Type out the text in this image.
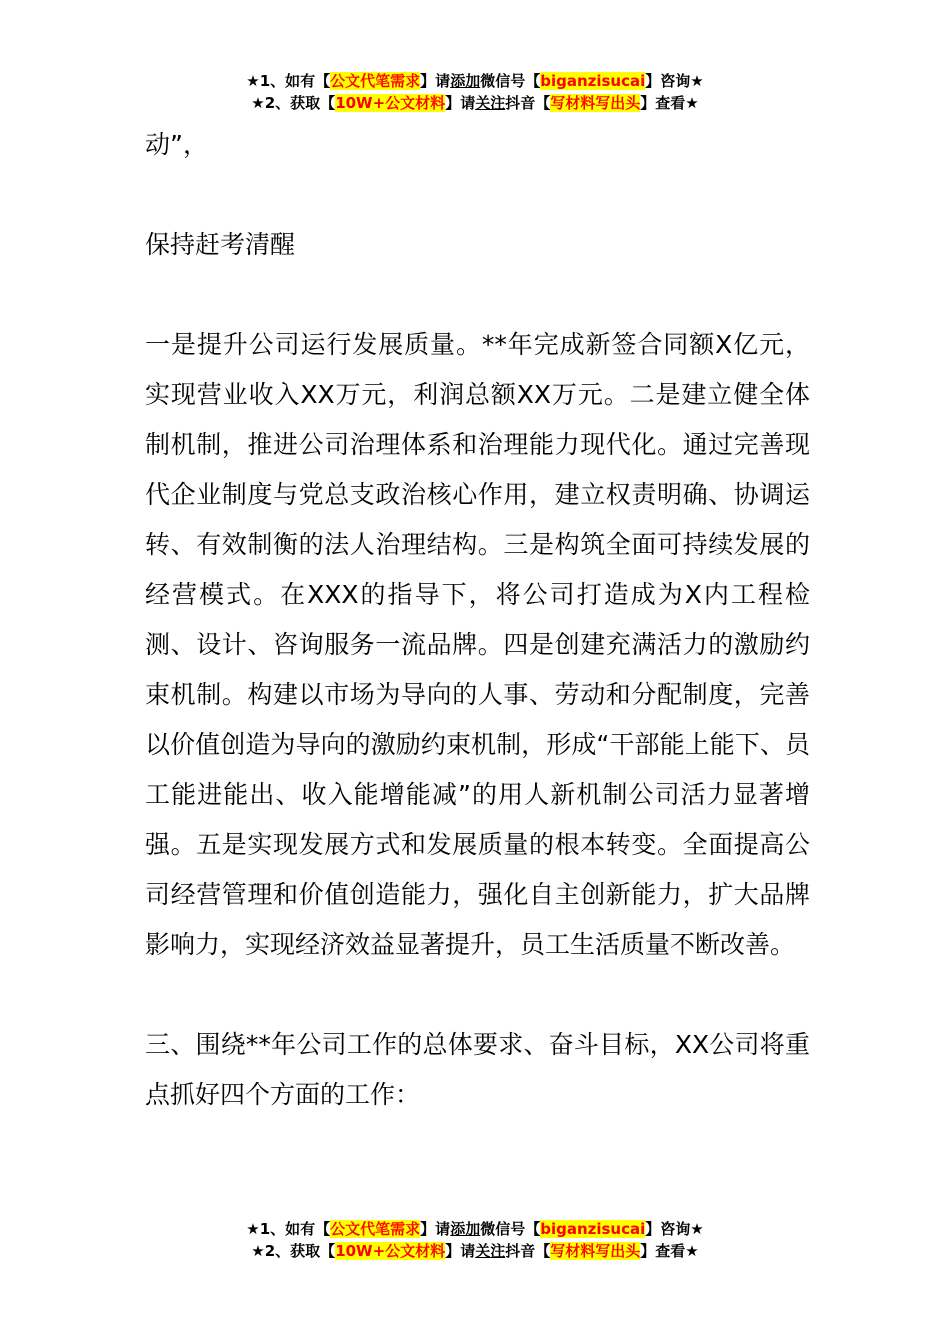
★1、如有【公文代笔需求】请添加微信号【biganzisucai】咨询★
★2、获取【10W+公文材料】请关注抖音【写材料写出头】查看★

动”，

保持赶考清醒

一是提升公司运行发展质量。**年完成新签合同额X亿元，实现营业收入XX万元，利润总额XX万元。二是建立健全体制机制，推进公司治理体系和治理能力现代化。通过完善现代企业制度与党总支政治核心作用，建立权责明确、协调运转、有效制衡的法人治理结构。三是构筑全面可持续发展的经营模式。在XXX的指导下，将公司打造成为X内工程检测、设计、咨询服务一流品牌。四是创建充满活力的激励约束机制。构建以市场为导向的人事、劳动和分配制度，完善以价值创造为导向的激励约束机制，形成“干部能上能下、员工能进能出、收入能增能减”的用人新机制公司活力显著增强。五是实现发展方式和发展质量的根本转变。全面提高公司经营管理和价值创造能力，强化自主创新能力，扩大品牌影响力，实现经济效益显著提升，员工生活质量不断改善。

三、围绕**年公司工作的总体要求、奋斗目标，XX公司将重点抓好四个方面的工作：

★1、如有【公文代笔需求】请添加微信号【biganzisucai】咨询★
★2、获取【10W+公文材料】请关注抖音【写材料写出头】查看★
